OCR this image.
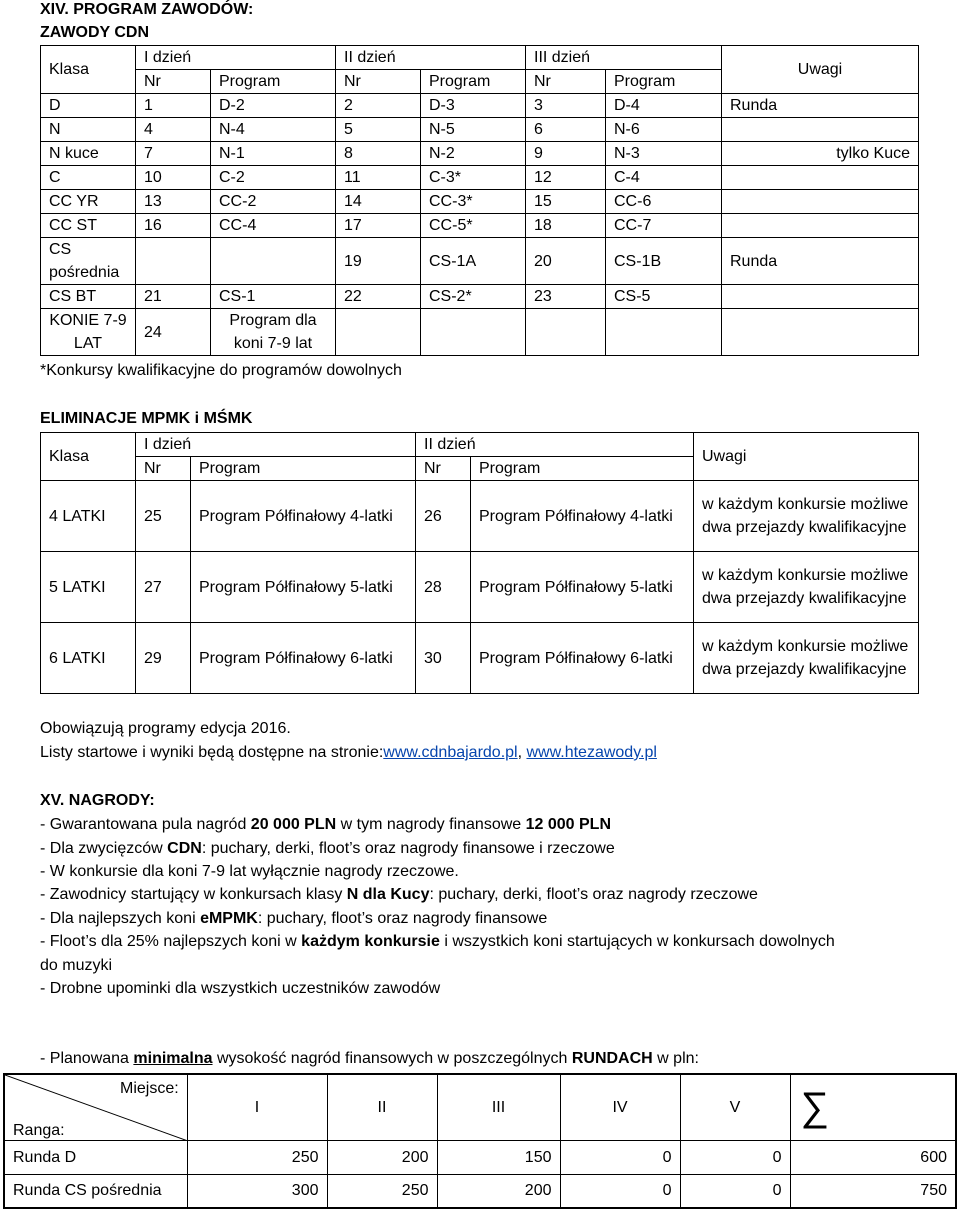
XIV. PROGRAM ZAWODÓW:
ZAWODY CDN
Klasa	I dzień		II dzień		III dzień		Uwagi
	Nr	Program	Nr	Program	Nr	Program	
D	1	D-2	2	D-3	3	D-4	Runda
N	4	N-4	5	N-5	6	N-6	
N kuce	7	N-1	8	N-2	9	N-3	tylko Kuce
C	10	C-2	11	C-3*	12	C-4	
CC YR	13	CC-2	14	CC-3*	15	CC-6	
CC ST	16	CC-4	17	CC-5*	18	CC-7	
CS pośrednia			19	CS-1A	20	CS-1B	Runda
CS BT	21	CS-1	22	CS-2*	23	CS-5	
KONIE 7-9 LAT	24	Program dla koni 7-9 lat					
*Konkursy kwalifikacyjne do programów dowolnych
ELIMINACJE MPMK i MŚMK
Klasa	I dzień		II dzień		Uwagi
	Nr	Program	Nr	Program	
4 LATKI	25	Program Półfinałowy 4-latki	26	Program Półfinałowy 4-latki	w każdym konkursie możliwe dwa przejazdy kwalifikacyjne
5 LATKI	27	Program Półfinałowy 5-latki	28	Program Półfinałowy 5-latki	w każdym konkursie możliwe dwa przejazdy kwalifikacyjne
6 LATKI	29	Program Półfinałowy 6-latki	30	Program Półfinałowy 6-latki	w każdym konkursie możliwe dwa przejazdy kwalifikacyjne
Obowiązują programy edycja 2016.
Listy startowe i wyniki będą dostępne na stronie:www.cdnbajardo.pl, www.htezawody.pl
XV. NAGRODY:
- Gwarantowana pula nagród 20 000 PLN w tym nagrody finansowe 12 000 PLN
- Dla zwycięzców CDN: puchary, derki, floot’s oraz nagrody finansowe i rzeczowe
- W konkursie dla koni 7-9 lat wyłącznie nagrody rzeczowe.
- Zawodnicy startujący w konkursach klasy N dla Kucy: puchary, derki, floot’s oraz nagrody rzeczowe
- Dla najlepszych koni eMPMK: puchary, floot’s oraz nagrody finansowe
- Floot’s dla 25% najlepszych koni w każdym konkursie i wszystkich koni startujących w konkursach dowolnych
do muzyki
- Drobne upominki dla wszystkich uczestników zawodów
- Planowana minimalna wysokość nagród finansowych w poszczególnych RUNDACH w pln:
Miejsce:
Ranga:	I	II	III	IV	V	∑
Runda D	250	200	150	0	0	600
Runda CS pośrednia	300	250	200	0	0	750
